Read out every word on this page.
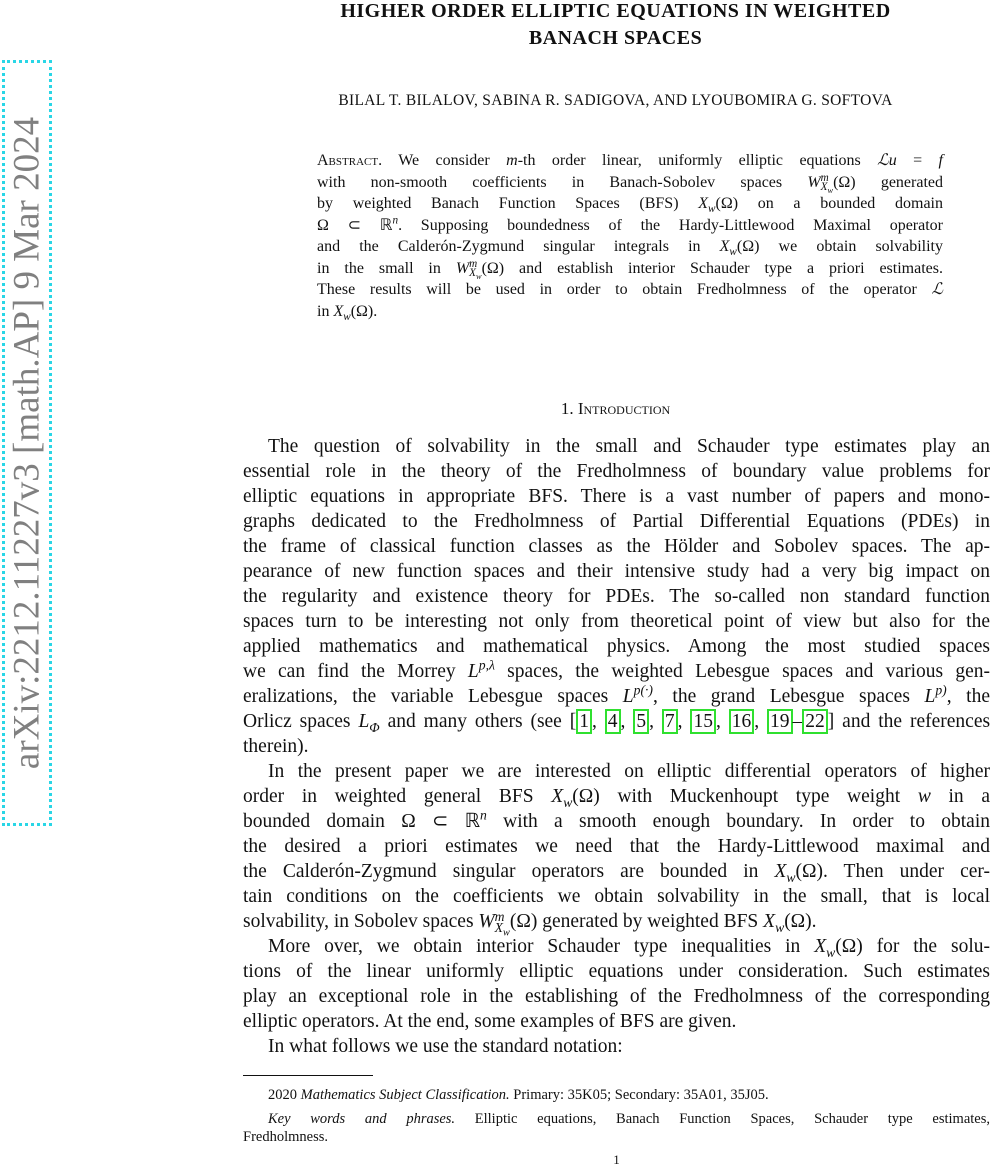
arXiv:2212.11227v3 [math.AP] 9 Mar 2024
HIGHER ORDER ELLIPTIC EQUATIONS IN WEIGHTED
BANACH SPACES
BILAL T. BILALOV, SABINA R. SADIGOVA, AND LYOUBOMIRA G. SOFTOVA
Abstract. We consider m-th order linear, uniformly elliptic equations ℒu = f
with non-smooth coefficients in Banach-Sobolev spaces W m
$X_w$
(Ω) generated
by weighted Banach Function Spaces (BFS) $X_w(\Omega)$ on a bounded domain
Ω ⊂ ℝ$^n$. Supposing boundedness of the Hardy-Littlewood Maximal operator
and the Calderón-Zygmund singular integrals in $X_w(\Omega)$ we obtain solvability
in the small in W m
$X_w$
(Ω) and establish interior Schauder type a priori estimates.
These results will be used in order to obtain Fredholmness of the operator ℒ
in $X_w(\Omega)$.
1. Introduction
The question of solvability in the small and Schauder type estimates play an
essential role in the theory of the Fredholmness of boundary value problems for
elliptic equations in appropriate BFS. There is a vast number of papers and mono-
graphs dedicated to the Fredholmness of Partial Differential Equations (PDEs) in
the frame of classical function classes as the Hölder and Sobolev spaces. The ap-
pearance of new function spaces and their intensive study had a very big impact on
the regularity and existence theory for PDEs. The so-called non standard function
spaces turn to be interesting not only from theoretical point of view but also for the
applied mathematics and mathematical physics. Among the most studied spaces
we can find the Morrey $L^{p,\lambda}$ spaces, the weighted Lebesgue spaces and various gen-
eralizations, the variable Lebesgue spaces $L^{p(\cdot)}$, the grand Lebesgue spaces $L^{p)}$, the
Orlicz spaces $L_\Phi$ and many others (see [ 1 , 4 , 5 , 7 , 15 , 16 , 19 – 22 ] and the references
therein).
In the present paper we are interested on elliptic differential operators of higher
order in weighted general BFS $X_w(\Omega)$ with Muckenhoupt type weight w in a
bounded domain Ω ⊂ ℝ$^n$ with a smooth enough boundary. In order to obtain
the desired a priori estimates we need that the Hardy-Littlewood maximal and
the Calderón-Zygmund singular operators are bounded in $X_w(\Omega)$. Then under cer-
tain conditions on the coefficients we obtain solvability in the small, that is local
solvability, in Sobolev spaces W m
$X_w$
(Ω) generated by weighted BFS $X_w(\Omega)$.
More over, we obtain interior Schauder type inequalities in $X_w(\Omega)$ for the solu-
tions of the linear uniformly elliptic equations under consideration. Such estimates
play an exceptional role in the establishing of the Fredholmness of the corresponding
elliptic operators. At the end, some examples of BFS are given.
In what follows we use the standard notation:
2020 Mathematics Subject Classification. Primary: 35K05; Secondary: 35A01, 35J05.
Key words and phrases. Elliptic equations, Banach Function Spaces, Schauder type estimates,
Fredholmness.
1
